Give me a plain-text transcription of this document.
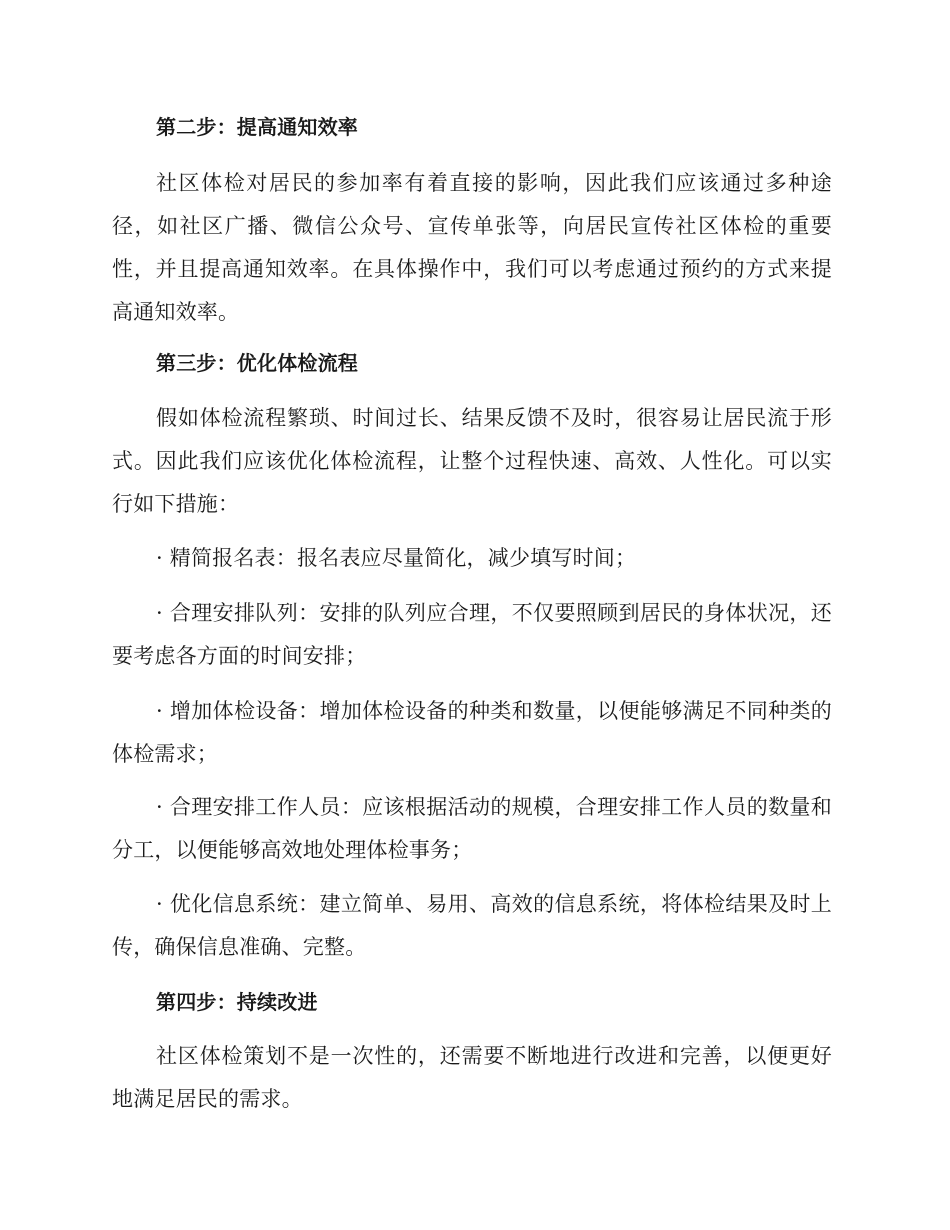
第二步：提高通知效率

社区体检对居民的参加率有着直接的影响，因此我们应该通过多种途径，如社区广播、微信公众号、宣传单张等，向居民宣传社区体检的重要性，并且提高通知效率。在具体操作中，我们可以考虑通过预约的方式来提高通知效率。

第三步：优化体检流程

假如体检流程繁琐、时间过长、结果反馈不及时，很容易让居民流于形式。因此我们应该优化体检流程，让整个过程快速、高效、人性化。可以实行如下措施：

· 精简报名表：报名表应尽量简化，减少填写时间；

· 合理安排队列：安排的队列应合理，不仅要照顾到居民的身体状况，还要考虑各方面的时间安排；

· 增加体检设备：增加体检设备的种类和数量，以便能够满足不同种类的体检需求；

· 合理安排工作人员：应该根据活动的规模，合理安排工作人员的数量和分工，以便能够高效地处理体检事务；

· 优化信息系统：建立简单、易用、高效的信息系统，将体检结果及时上传，确保信息准确、完整。

第四步：持续改进

社区体检策划不是一次性的，还需要不断地进行改进和完善，以便更好地满足居民的需求。
